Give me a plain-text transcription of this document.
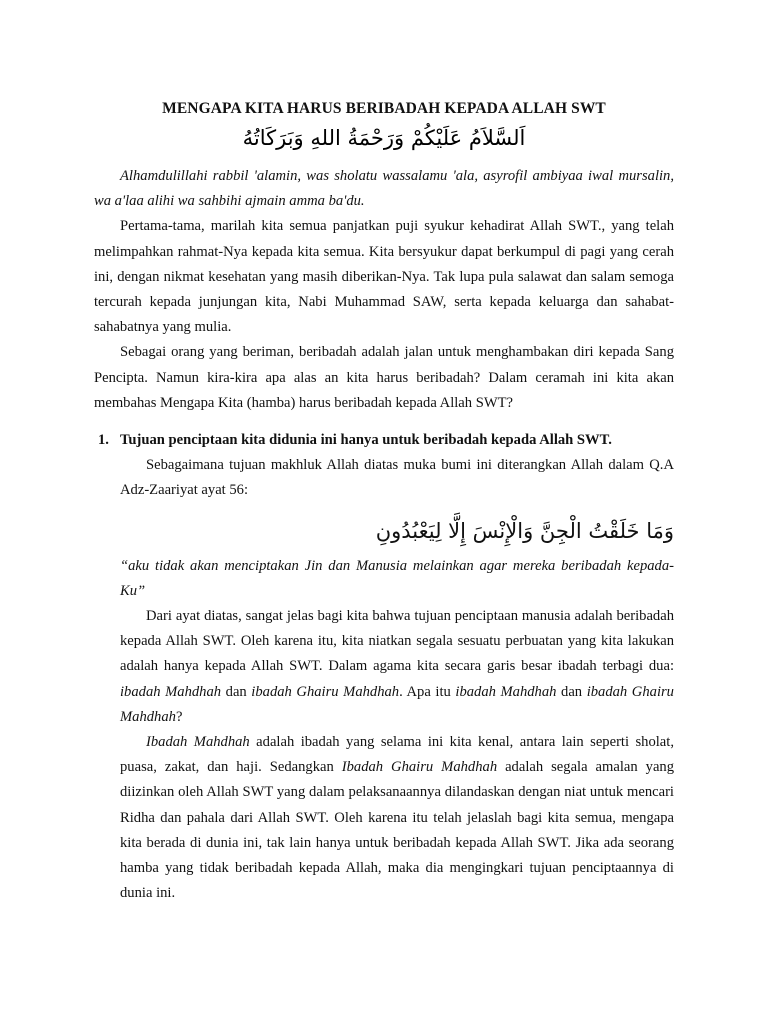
MENGAPA KITA HARUS BERIBADAH KEPADA ALLAH SWT
اَلسَّلاَمُ عَلَيْكُمْ وَرَحْمَةُ اللهِ وَبَرَكَاتُهُ

Alhamdulillahi rabbil 'alamin, was sholatu wassalamu 'ala, asyrofil ambiyaa iwal mursalin, wa a'laa alihi wa sahbihi ajmain amma ba'du.

Pertama-tama, marilah kita semua panjatkan puji syukur kehadirat Allah SWT., yang telah melimpahkan rahmat-Nya kepada kita semua. Kita bersyukur dapat berkumpul di pagi yang cerah ini, dengan nikmat kesehatan yang masih diberikan-Nya. Tak lupa pula salawat dan salam semoga tercurah kepada junjungan kita, Nabi Muhammad SAW, serta kepada keluarga dan sahabat-sahabatnya yang mulia.

Sebagai orang yang beriman, beribadah adalah jalan untuk menghambakan diri kepada Sang Pencipta. Namun kira-kira apa alas an kita harus beribadah? Dalam ceramah ini kita akan membahas Mengapa Kita (hamba) harus beribadah kepada Allah SWT?

1. Tujuan penciptaan kita didunia ini hanya untuk beribadah kepada Allah SWT.

Sebagaimana tujuan makhluk Allah diatas muka bumi ini diterangkan Allah dalam Q.A Adz-Zaariyat ayat 56:

وَمَا خَلَقْتُ الْجِنَّ وَالْإِنْسَ إِلَّا لِيَعْبُدُونِ

“aku tidak akan menciptakan Jin dan Manusia melainkan agar mereka beribadah kepada-Ku”

Dari ayat diatas, sangat jelas bagi kita bahwa tujuan penciptaan manusia adalah beribadah kepada Allah SWT. Oleh karena itu, kita niatkan segala sesuatu perbuatan yang kita lakukan adalah hanya kepada Allah SWT. Dalam agama kita secara garis besar ibadah terbagi dua: ibadah Mahdhah dan ibadah Ghairu Mahdhah. Apa itu ibadah Mahdhah dan ibadah Ghairu Mahdhah?

Ibadah Mahdhah adalah ibadah yang selama ini kita kenal, antara lain seperti sholat, puasa, zakat, dan haji. Sedangkan Ibadah Ghairu Mahdhah adalah segala amalan yang diizinkan oleh Allah SWT yang dalam pelaksanaannya dilandaskan dengan niat untuk mencari Ridha dan pahala dari Allah SWT. Oleh karena itu telah jelaslah bagi kita semua, mengapa kita berada di dunia ini, tak lain hanya untuk beribadah kepada Allah SWT. Jika ada seorang hamba yang tidak beribadah kepada Allah, maka dia mengingkari tujuan penciptaannya di dunia ini.
